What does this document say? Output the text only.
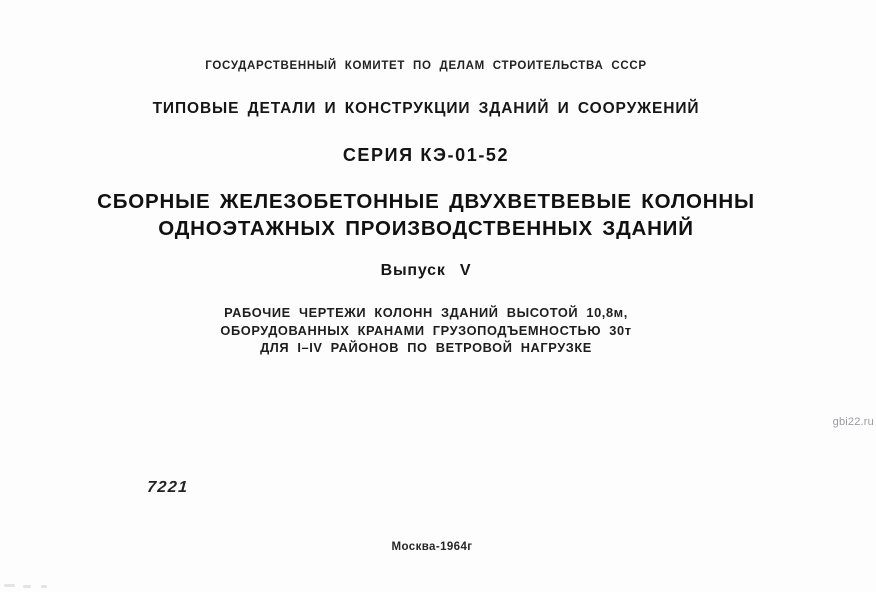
ГОСУДАРСТВЕННЫЙ КОМИТЕТ ПО ДЕЛАМ СТРОИТЕЛЬСТВА СССР
ТИПОВЫЕ ДЕТАЛИ И КОНСТРУКЦИИ ЗДАНИЙ И СООРУЖЕНИЙ
СЕРИЯ КЭ-01-52
СБОРНЫЕ ЖЕЛЕЗОБЕТОННЫЕ ДВУХВЕТВЕВЫЕ КОЛОННЫ
ОДНОЭТАЖНЫХ ПРОИЗВОДСТВЕННЫХ ЗДАНИЙ
Выпуск V
РАБОЧИЕ ЧЕРТЕЖИ КОЛОНН ЗДАНИЙ ВЫСОТОЙ 10,8м,
ОБОРУДОВАННЫХ КРАНАМИ ГРУЗОПОДЪЕМНОСТЬЮ 30т
ДЛЯ I–IV РАЙОНОВ ПО ВЕТРОВОЙ НАГРУЗКЕ
gbi22.ru
7221
Москва-1964г
